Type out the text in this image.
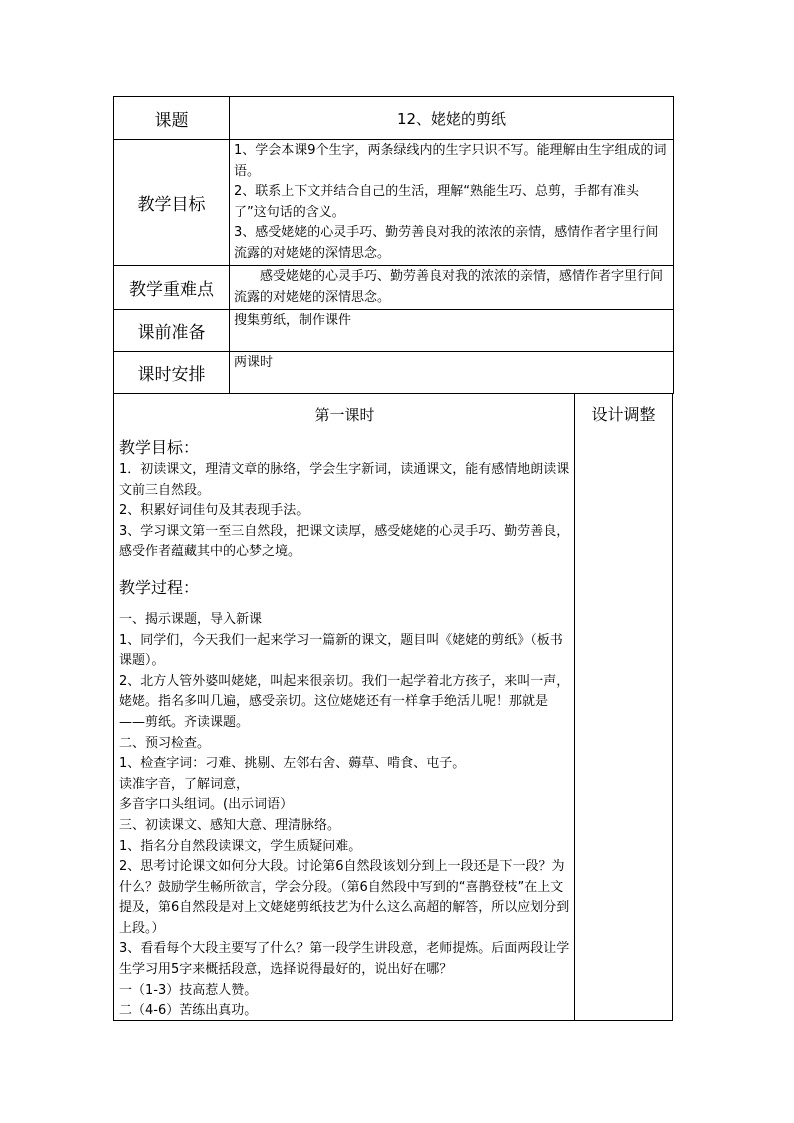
课题	12、姥姥的剪纸
教学目标	1、学会本课9个生字，两条绿线内的生字只识不写。能理解由生字组成的词语。
2、联系上下文并结合自己的生活，理解“熟能生巧、总剪，手都有准头了”这句话的含义。
3、感受姥姥的心灵手巧、勤劳善良对我的浓浓的亲情，感情作者字里行间流露的对姥姥的深情思念。

教学重难点	感受姥姥的心灵手巧、勤劳善良对我的浓浓的亲情，感情作者字里行间流露的对姥姥的深情思念。

课前准备	搜集剪纸，制作课件
课时安排	两课时
第一课时
教学目标：

1．初读课文，理清文章的脉络，学会生字新词，读通课文，能有感情地朗读课文前三自然段。

2、积累好词佳句及其表现手法。

3、学习课文第一至三自然段，把课文读厚，感受姥姥的心灵手巧、勤劳善良，感受作者蕴藏其中的心梦之境。

教学过程：

一、揭示课题，导入新课

1、同学们，今天我们一起来学习一篇新的课文，题目叫《姥姥的剪纸》（板书课题）。

2、北方人管外婆叫姥姥，叫起来很亲切。我们一起学着北方孩子，来叫一声，姥姥。指名多叫几遍，感受亲切。这位姥姥还有一样拿手绝活儿呢！那就是——剪纸。齐读课题。

二、预习检查。

1、检查字词：刁难、挑剔、左邻右舍、薅草、啃食、屯子。

读准字音，了解词意，

多音字口头组词。(出示词语）

三、初读课文、感知大意、理清脉络。

1、指名分自然段读课文，学生质疑问难。

2、思考讨论课文如何分大段。讨论第6自然段该划分到上一段还是下一段？为什么？鼓励学生畅所欲言，学会分段。（第6自然段中写到的“喜鹊登枝”在上文提及，第6自然段是对上文姥姥剪纸技艺为什么这么高超的解答，所以应划分到上段。）

3、看看每个大段主要写了什么？第一段学生讲段意，老师提炼。后面两段让学生学习用5字来概括段意，选择说得最好的，说出好在哪？

一（1-3）技高惹人赞。

二（4-6）苦练出真功。

设计调整
